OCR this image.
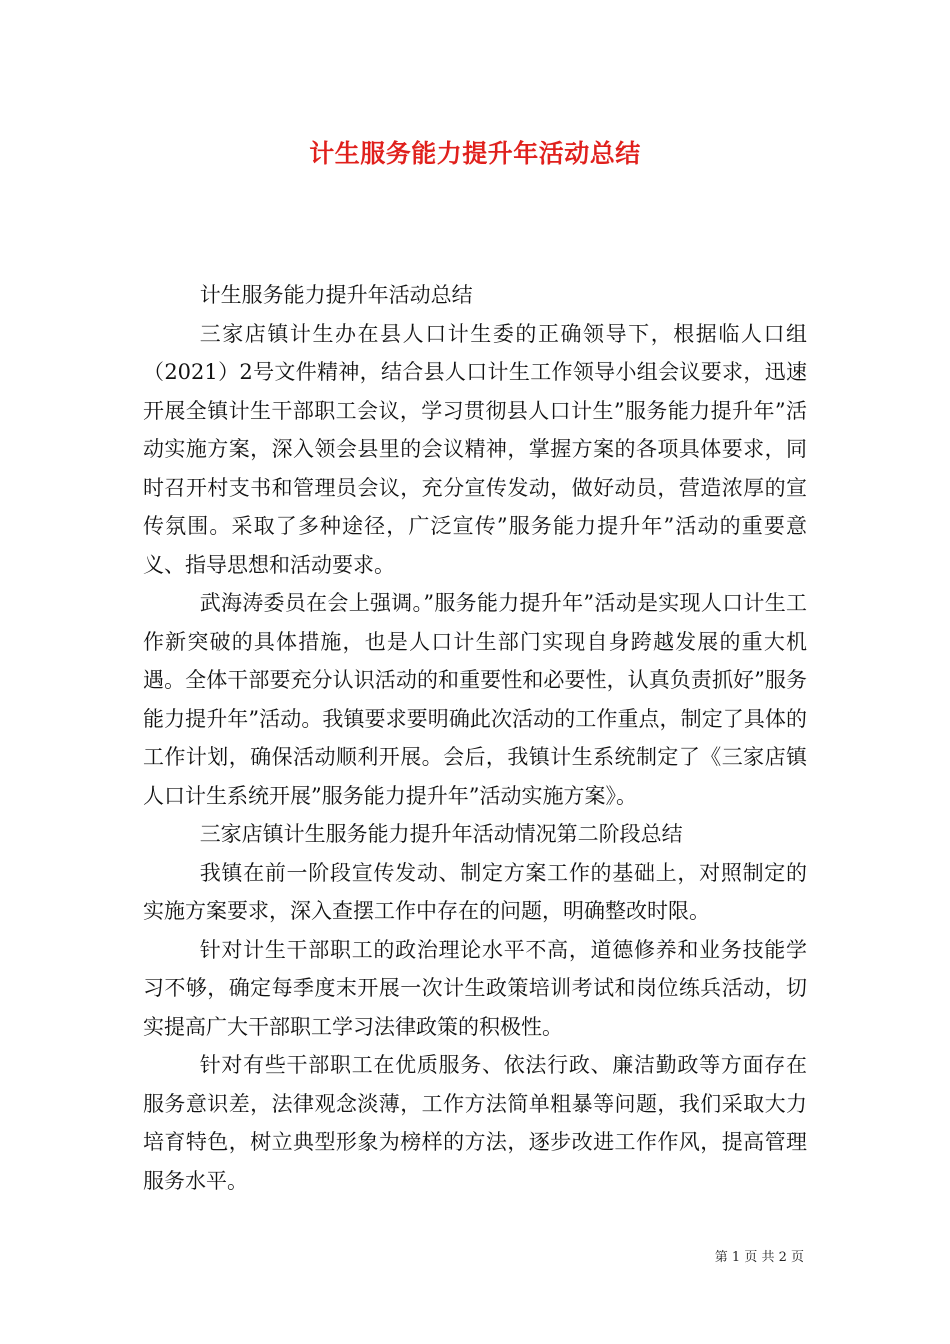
计生服务能力提升年活动总结

计生服务能力提升年活动总结

三家店镇计生办在县人口计生委的正确领导下，根据临人口组（2021）2号文件精神，结合县人口计生工作领导小组会议要求，迅速开展全镇计生干部职工会议，学习贯彻县人口计生”服务能力提升年”活动实施方案，深入领会县里的会议精神，掌握方案的各项具体要求，同时召开村支书和管理员会议，充分宣传发动，做好动员，营造浓厚的宣传氛围。采取了多种途径，广泛宣传”服务能力提升年”活动的重要意义、指导思想和活动要求。

武海涛委员在会上强调。”服务能力提升年”活动是实现人口计生工作新突破的具体措施，也是人口计生部门实现自身跨越发展的重大机遇。全体干部要充分认识活动的和重要性和必要性，认真负责抓好”服务能力提升年”活动。我镇要求要明确此次活动的工作重点，制定了具体的工作计划，确保活动顺利开展。会后，我镇计生系统制定了《三家店镇人口计生系统开展”服务能力提升年”活动实施方案》。

三家店镇计生服务能力提升年活动情况第二阶段总结

我镇在前一阶段宣传发动、制定方案工作的基础上，对照制定的实施方案要求，深入查摆工作中存在的问题，明确整改时限。

针对计生干部职工的政治理论水平不高，道德修养和业务技能学习不够，确定每季度末开展一次计生政策培训考试和岗位练兵活动，切实提高广大干部职工学习法律政策的积极性。

针对有些干部职工在优质服务、依法行政、廉洁勤政等方面存在服务意识差，法律观念淡薄，工作方法简单粗暴等问题，我们采取大力培育特色，树立典型形象为榜样的方法，逐步改进工作作风，提高管理服务水平。

第 1 页 共 2 页
